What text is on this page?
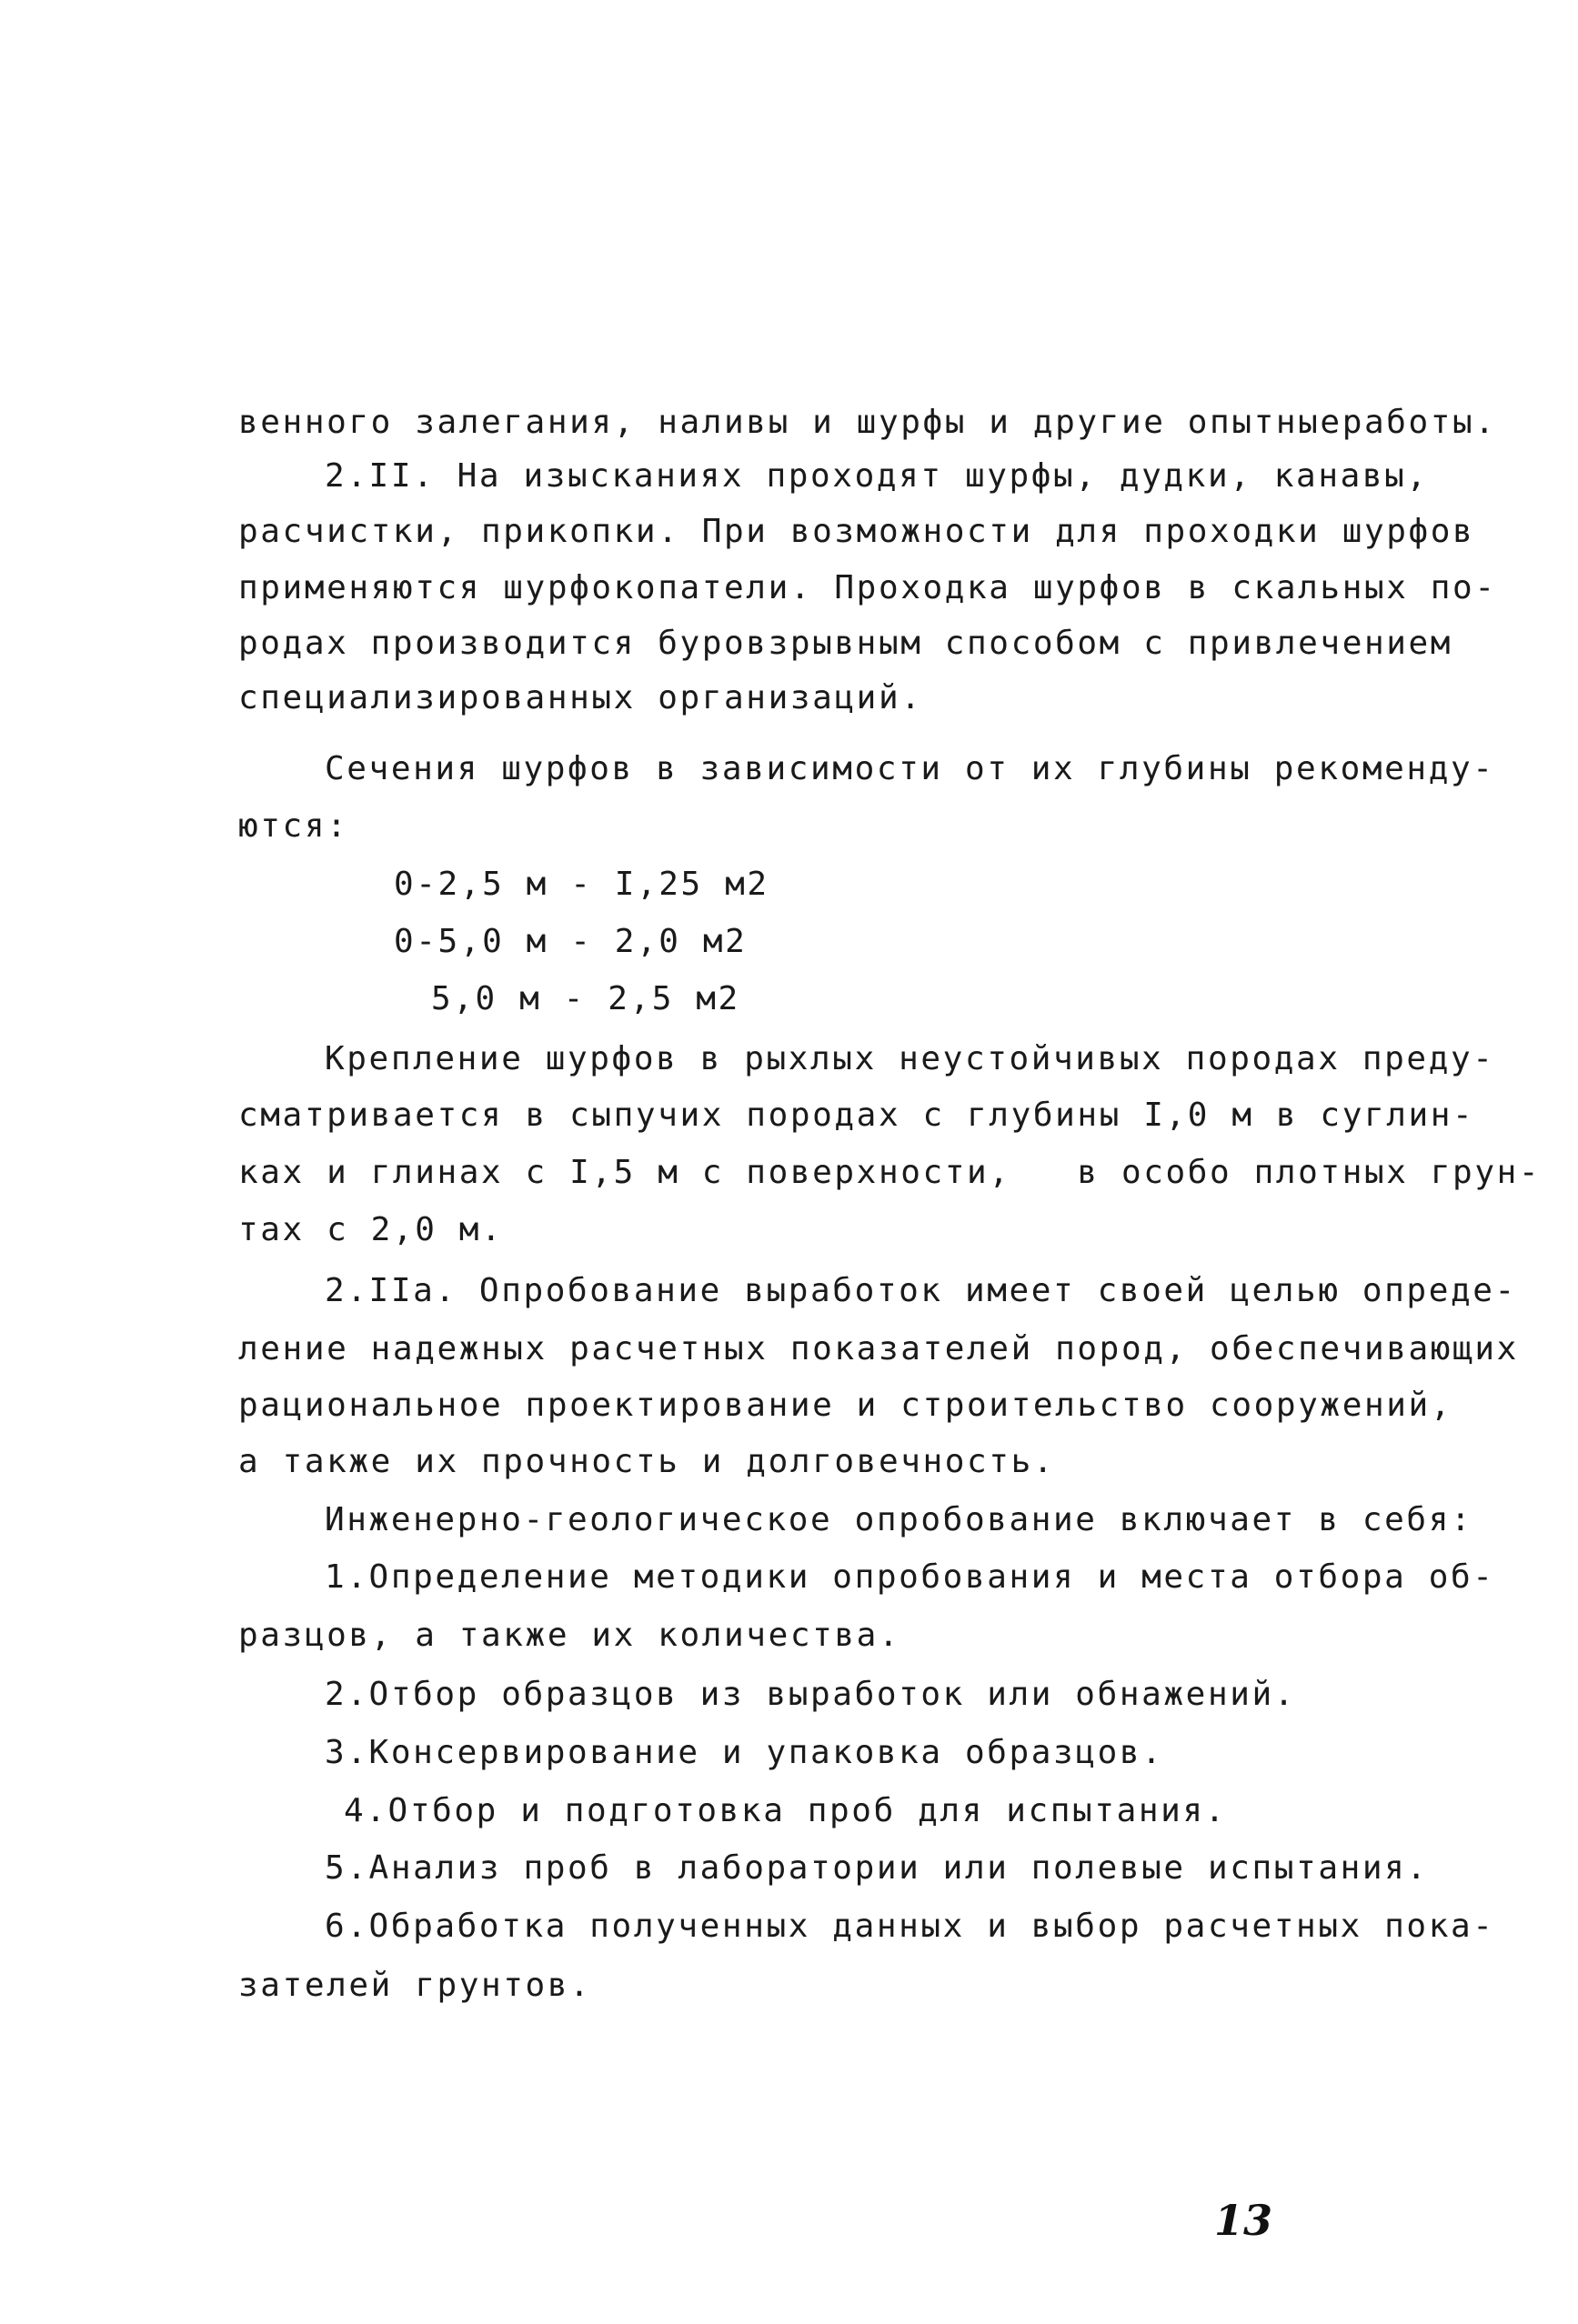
венного залегания, наливы и шурфы и другие опытныеработы.
2.II. На изысканиях проходят шурфы, дудки, канавы,
расчистки, прикопки. При возможности для проходки шурфов
применяются шурфокопатели. Проходка шурфов в скальных по-
родах производится буровзрывным способом с привлечением
специализированных организаций.
Сечения шурфов в зависимости от их глубины рекоменду-
ются:
0-2,5 м - I,25 м2
0-5,0 м - 2,0 м2
5,0 м - 2,5 м2
Крепление шурфов в рыхлых неустойчивых породах преду-
сматривается в сыпучих породах с глубины I,0 м в суглин-
ках и глинах с I,5 м с поверхности,   в особо плотных грун-
тах с 2,0 м.
2.IIа. Опробование выработок имеет своей целью опреде-
ление надежных расчетных показателей пород, обеспечивающих
рациональное проектирование и строительство сооружений,
а также их прочность и долговечность.
Инженерно-геологическое опробование включает в себя:
1.Определение методики опробования и места отбора об-
разцов, а также их количества.
2.Отбор образцов из выработок или обнажений.
3.Консервирование и упаковка образцов.
4.Отбор и подготовка проб для испытания.
5.Анализ проб в лаборатории или полевые испытания.
6.Обработка полученных данных и выбор расчетных пока-
зателей грунтов.
13
